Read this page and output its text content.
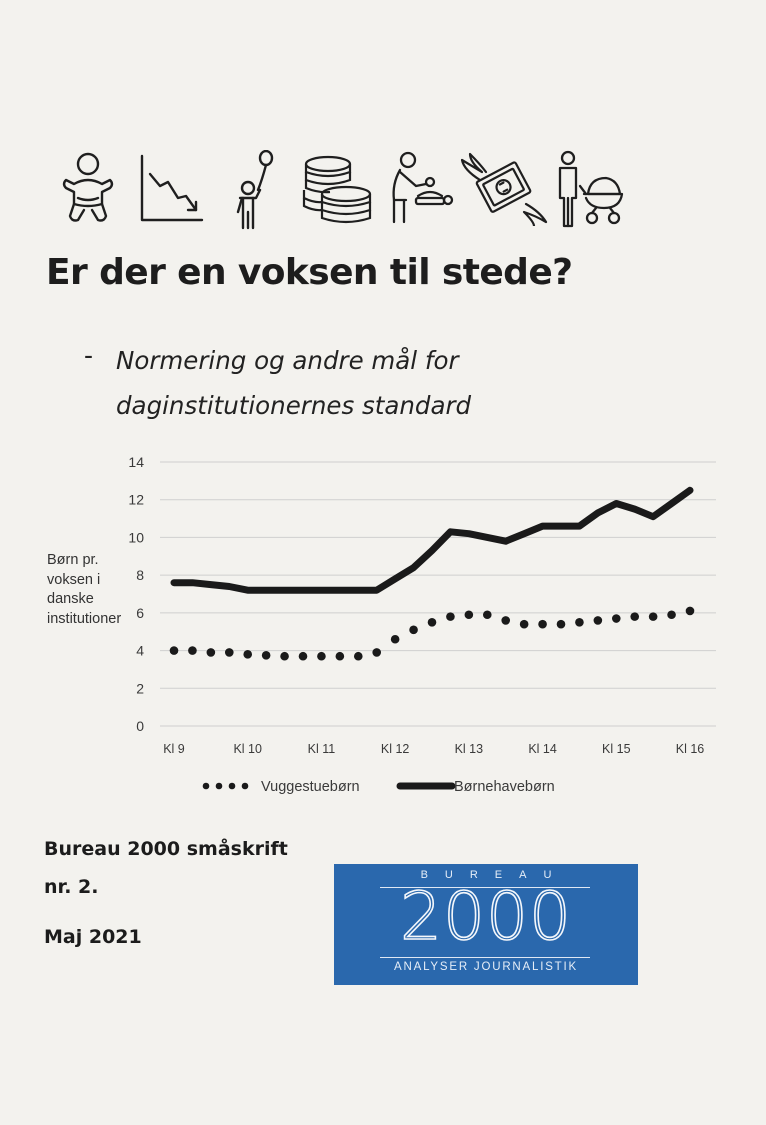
Er der en voksen til stede?
- Normering og andre mål for
daginstitutionernes standard
Børn pr.
voksen i
danske
institutioner
0
2
4
6
8
10
12
14
Kl 9	Kl 10	Kl 11	Kl 12	Kl 13	Kl 14	Kl 15	Kl 16
Vuggestuebørn	Børnehavebørn
Bureau 2000 småskrift
nr. 2.
Maj 2021
BUREAU
2000
ANALYSER JOURNALISTIK
